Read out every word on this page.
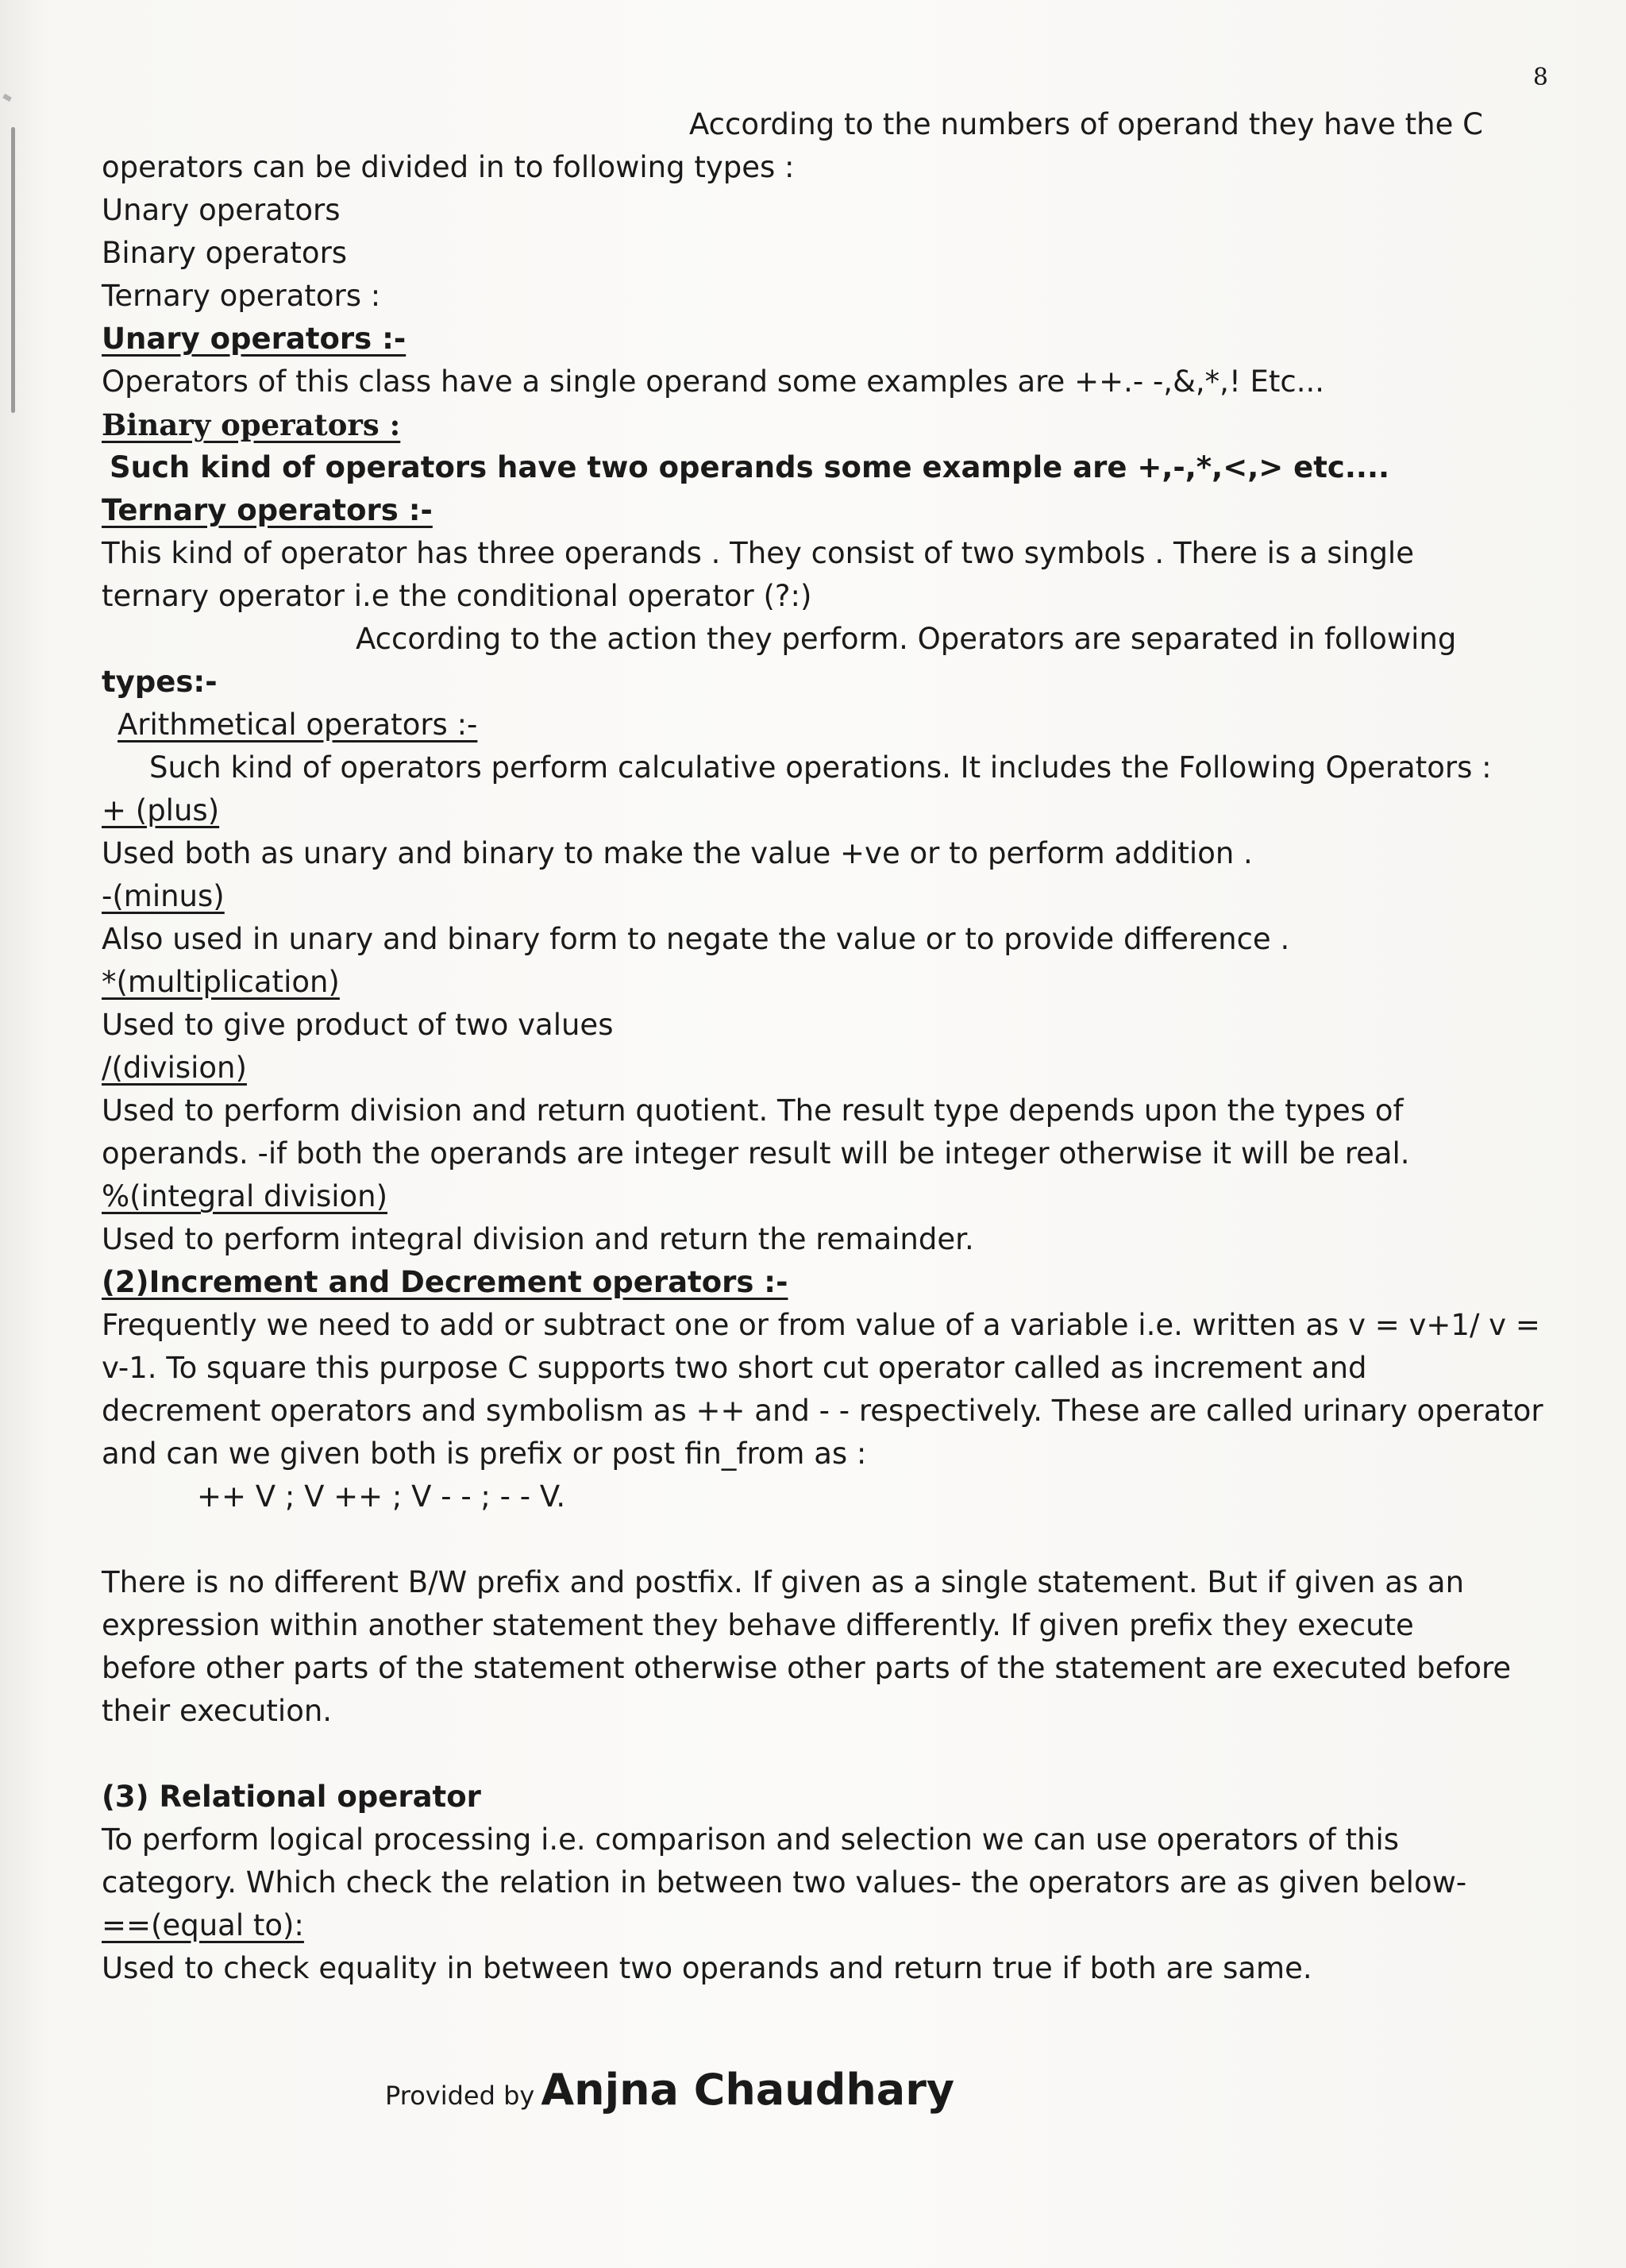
8

According to the numbers of operand they have the C

operators can be divided in to following types :

Unary operators

Binary operators

Ternary operators :

Unary operators :-

Operators of this class have a single operand some examples are ++.- -,&,*,! Etc...

Binary operators :

Such kind of operators have two operands some example are +,-,*,<,> etc....

Ternary operators :-

This kind of operator has three operands . They consist of two symbols . There is a single

ternary operator i.e the conditional operator (?:)

According to the action they perform. Operators are separated in following

types:-

Arithmetical operators :-

Such kind of operators perform calculative operations. It includes the Following Operators :

+ (plus)

Used both as unary and binary to make the value +ve or to perform addition .

-(minus)

Also used in unary and binary form to negate the value or to provide difference .

*(multiplication)

Used to give product of two values

/(division)

Used to perform division and return quotient. The result type depends upon the types of

operands. -if both the operands are integer result will be integer otherwise it will be real.

%(integral division)

Used to perform integral division and return the remainder.

(2)Increment and Decrement operators :-

Frequently we need to add or subtract one or from value of a variable i.e. written as v = v+1/ v =

v-1. To square this purpose C supports two short cut operator called as increment and

decrement operators and symbolism as ++ and - - respectively. These are called urinary operator

and can we given both is prefix or post fin_from as :

++ V ; V ++ ; V - - ; - - V.

There is no different B/W prefix and postfix. If given as a single statement. But if given as an

expression within another statement they behave differently. If given prefix they execute

before other parts of the statement otherwise other parts of the statement are executed before

their execution.

(3) Relational operator

To perform logical processing i.e. comparison and selection we can use operators of this

category. Which check the relation in between two values- the operators are as given below-

==(equal to):

Used to check equality in between two operands and return true if both are same.

Provided by Anjna Chaudhary
